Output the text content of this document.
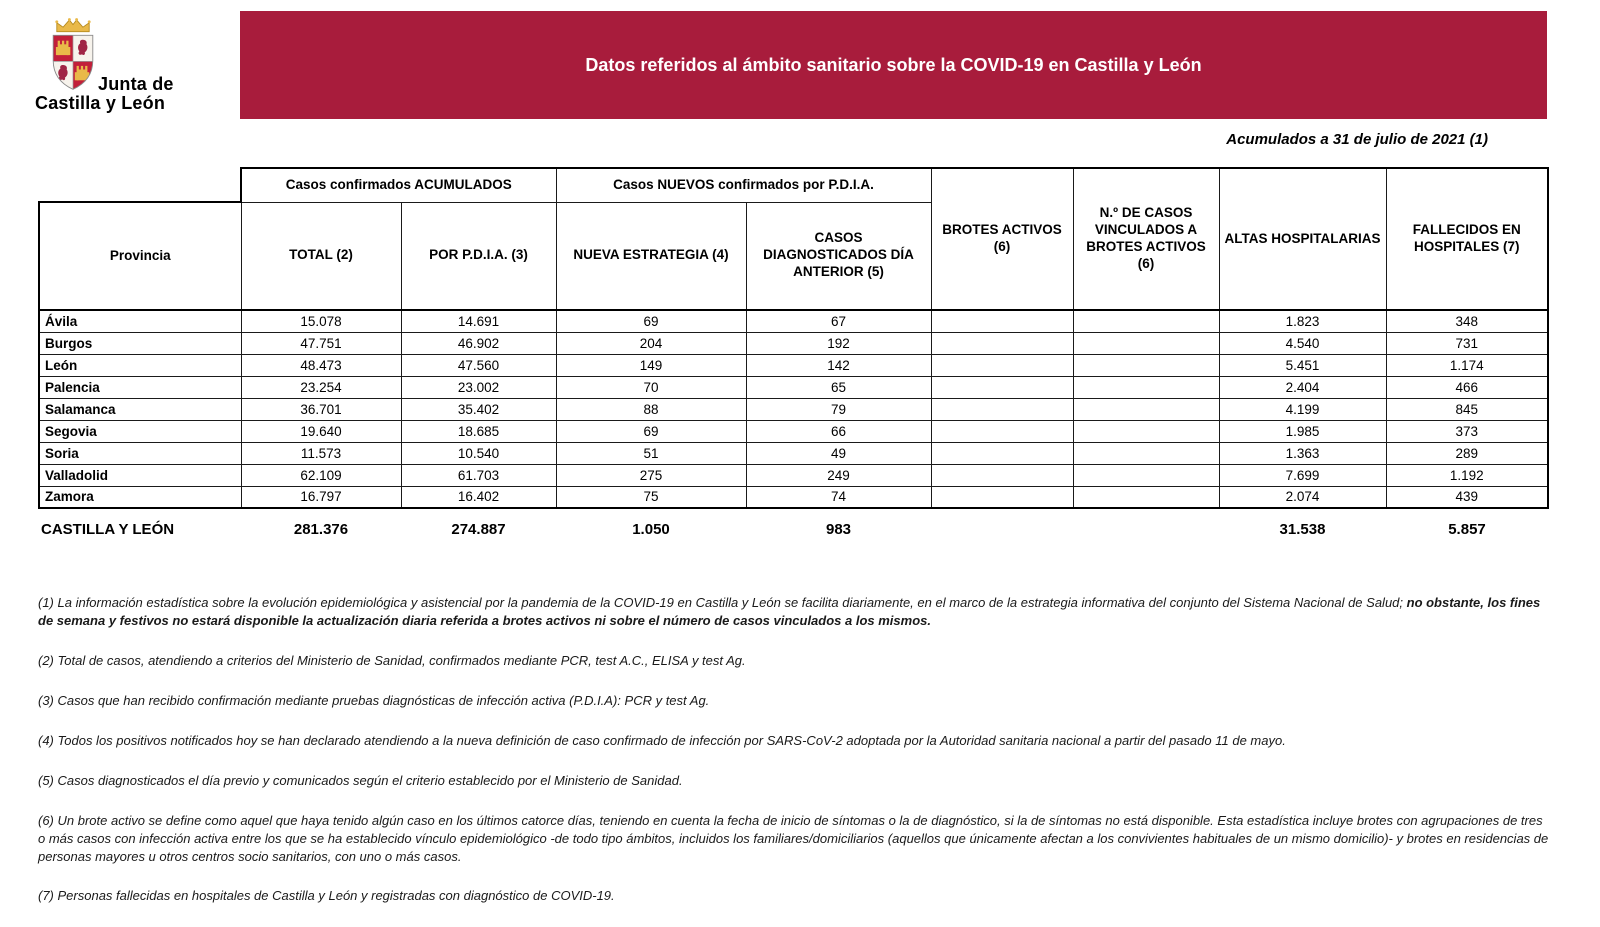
Junta de
Castilla y León
Datos referidos al ámbito sanitario sobre la COVID-19 en Castilla y León
Acumulados a 31 de julio de 2021 (1)
	Casos confirmados ACUMULADOS		Casos NUEVOS confirmados por P.D.I.A.		BROTES ACTIVOS (6)	N.º DE CASOS VINCULADOS A BROTES ACTIVOS (6)	ALTAS HOSPITALARIAS	FALLECIDOS EN HOSPITALES (7)
Provincia	TOTAL (2)	POR P.D.I.A. (3)	NUEVA ESTRATEGIA (4)	CASOS DIAGNOSTICADOS DÍA ANTERIOR (5)				
Ávila	15.078	14.691	69	67			1.823	348
Burgos	47.751	46.902	204	192			4.540	731
León	48.473	47.560	149	142			5.451	1.174
Palencia	23.254	23.002	70	65			2.404	466
Salamanca	36.701	35.402	88	79			4.199	845
Segovia	19.640	18.685	69	66			1.985	373
Soria	11.573	10.540	51	49			1.363	289
Valladolid	62.109	61.703	275	249			7.699	1.192
Zamora	16.797	16.402	75	74			2.074	439
CASTILLA Y LEÓN	281.376	274.887	1.050	983			31.538	5.857

(1) La información estadística sobre la evolución epidemiológica y asistencial por la pandemia de la COVID-19 en Castilla y León se facilita diariamente, en el marco de la estrategia informativa del conjunto del Sistema Nacional de Salud; no obstante, los fines de semana y festivos no estará disponible la actualización diaria referida a brotes activos ni sobre el número de casos vinculados a los mismos.

(2) Total de casos, atendiendo a criterios del Ministerio de Sanidad, confirmados mediante PCR, test A.C., ELISA y test Ag.

(3) Casos que han recibido confirmación mediante pruebas diagnósticas de infección activa (P.D.I.A): PCR y test Ag.

(4) Todos los positivos notificados hoy se han declarado atendiendo a la nueva definición de caso confirmado de infección por SARS-CoV-2 adoptada por la Autoridad sanitaria nacional a partir del pasado 11 de mayo.

(5) Casos diagnosticados el día previo y comunicados según el criterio establecido por el Ministerio de Sanidad.

(6) Un brote activo se define como aquel que haya tenido algún caso en los últimos catorce días, teniendo en cuenta la fecha de inicio de síntomas o la de diagnóstico, si la de síntomas no está disponible. Esta estadística incluye brotes con agrupaciones de tres o más casos con infección activa entre los que se ha establecido vínculo epidemiológico -de todo tipo ámbitos, incluidos los familiares/domiciliarios (aquellos que únicamente afectan a los convivientes habituales de un mismo domicilio)- y brotes en residencias de personas mayores u otros centros socio sanitarios, con uno o más casos.

(7) Personas fallecidas en hospitales de Castilla y León y registradas con diagnóstico de COVID-19.
